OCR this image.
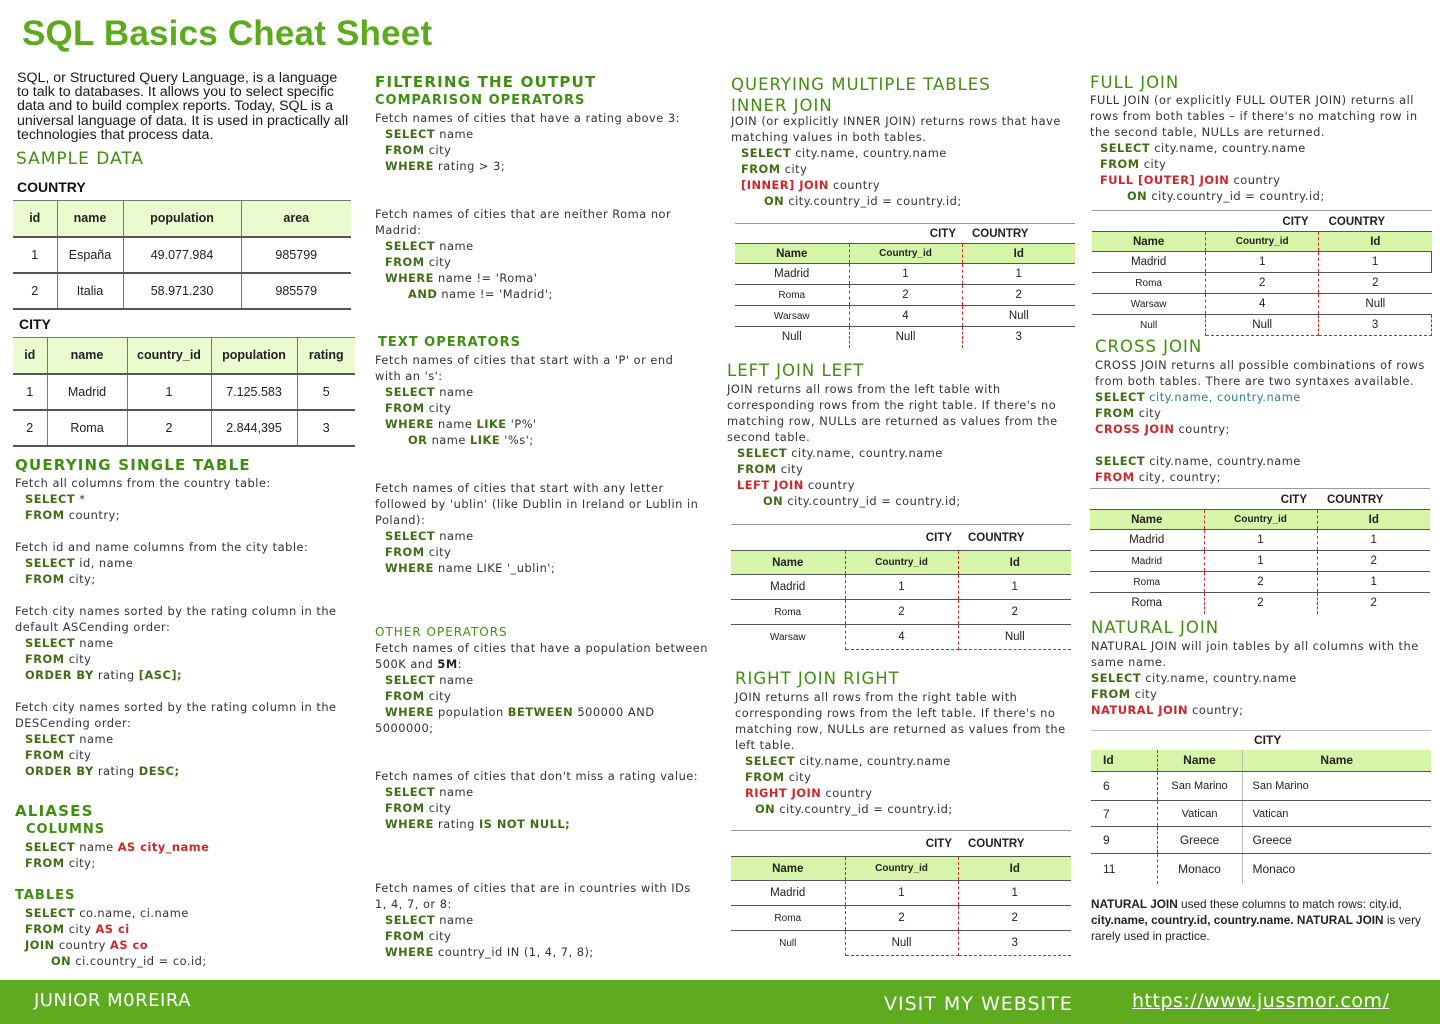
SQL Basics Cheat Sheet
SQL, or Structured Query Language, is a language to talk to databases. It allows you to select specific data and to build complex reports. Today, SQL is a universal language of data. It is used in practically all technologies that process data.
SAMPLE DATA
COUNTRY
id	name	population	area
1	España	49.077.984	985799
2	Italia	58.971.230	985579
CITY
id	name	country_id	population	rating
1	Madrid	1	7.125.583	5
2	Roma	2	2.844,395	3
QUERYING SINGLE TABLE
Fetch all columns from the country table:
SELECT *
FROM country;
Fetch id and name columns from the city table:
SELECT id, name
FROM city;
Fetch city names sorted by the rating column in the default ASCending order:
SELECT name
FROM city
ORDER BY rating [ASC];
Fetch city names sorted by the rating column in the DESCending order:
SELECT name
FROM city
ORDER BY rating DESC;
ALIASES
COLUMNS
SELECT name AS city_name
FROM city;
TABLES
SELECT co.name, ci.name
FROM city AS ci
JOIN country AS co
ON ci.country_id = co.id;
FILTERING THE OUTPUT
COMPARISON OPERATORS
Fetch names of cities that have a rating above 3:
SELECT name
FROM city
WHERE rating > 3;
Fetch names of cities that are neither Roma nor Madrid:
SELECT name
FROM city
WHERE name != 'Roma'
AND name != 'Madrid';
TEXT OPERATORS
Fetch names of cities that start with a 'P' or end with an 's':
SELECT name
FROM city
WHERE name LIKE 'P%'
OR name LIKE '%s';
Fetch names of cities that start with any letter followed by 'ublin' (like Dublin in Ireland or Lublin in Poland):
SELECT name
FROM city
WHERE name LIKE '_ublin';
OTHER OPERATORS
Fetch names of cities that have a population between 500K and 5M:
SELECT name
FROM city
WHERE population BETWEEN 500000 AND
5000000;
Fetch names of cities that don't miss a rating value:
SELECT name
FROM city
WHERE rating IS NOT NULL;
Fetch names of cities that are in countries with IDs 1, 4, 7, or 8:
SELECT name
FROM city
WHERE country_id IN (1, 4, 7, 8);
QUERYING MULTIPLE TABLES INNER JOIN
JOIN (or explicitly INNER JOIN) returns rows that have matching values in both tables.
SELECT city.name, country.name
FROM city
[INNER] JOIN country
ON city.country_id = country.id;
	CITY	COUNTRY
Name	Country_id	Id
Madrid	1	1
Roma	2	2
Warsaw	4	Null
Null	Null	3
LEFT JOIN LEFT
JOIN returns all rows from the left table with corresponding rows from the right table. If there's no matching row, NULLs are returned as values from the second table.
SELECT city.name, country.name
FROM city
LEFT JOIN country
ON city.country_id = country.id;
	CITY	COUNTRY
Name	Country_id	Id
Madrid	1	1
Roma	2	2
Warsaw	4	Null
RIGHT JOIN RIGHT
JOIN returns all rows from the right table with corresponding rows from the left table. If there's no matching row, NULLs are returned as values from the left table.
SELECT city.name, country.name
FROM city
RIGHT JOIN country
ON city.country_id = country.id;
	CITY	COUNTRY
Name	Country_id	Id
Madrid	1	1
Roma	2	2
Null	Null	3
FULL JOIN
FULL JOIN (or explicitly FULL OUTER JOIN) returns all rows from both tables – if there's no matching row in the second table, NULLs are returned.
SELECT city.name, country.name
FROM city
FULL [OUTER] JOIN country
ON city.country_id = country.id;
	CITY	COUNTRY
Name	Country_id	Id
Madrid	1	1
Roma	2	2
Warsaw	4	Null
Null	Null	3
CROSS JOIN
CROSS JOIN returns all possible combinations of rows from both tables. There are two syntaxes available. SELECT city.name, country.name
FROM city
CROSS JOIN country;
SELECT city.name, country.name
FROM city, country;
	CITY	COUNTRY
Name	Country_id	Id
Madrid	1	1
Madrid	1	2
Roma	2	1
Roma	2	2
NATURAL JOIN
NATURAL JOIN will join tables by all columns with the same name.
SELECT city.name, country.name
FROM city
NATURAL JOIN country;
		CITY
Id	Name	Name
6	San Marino	San Marino
7	Vatican	Vatican
9	Greece	Greece
11	Monaco	Monaco
NATURAL JOIN used these columns to match rows: city.id, city.name, country.id, country.name. NATURAL JOIN is very rarely used in practice.
JUNIOR M0REIRA	VISIT MY WEBSITE	https://www.jussmor.com/
